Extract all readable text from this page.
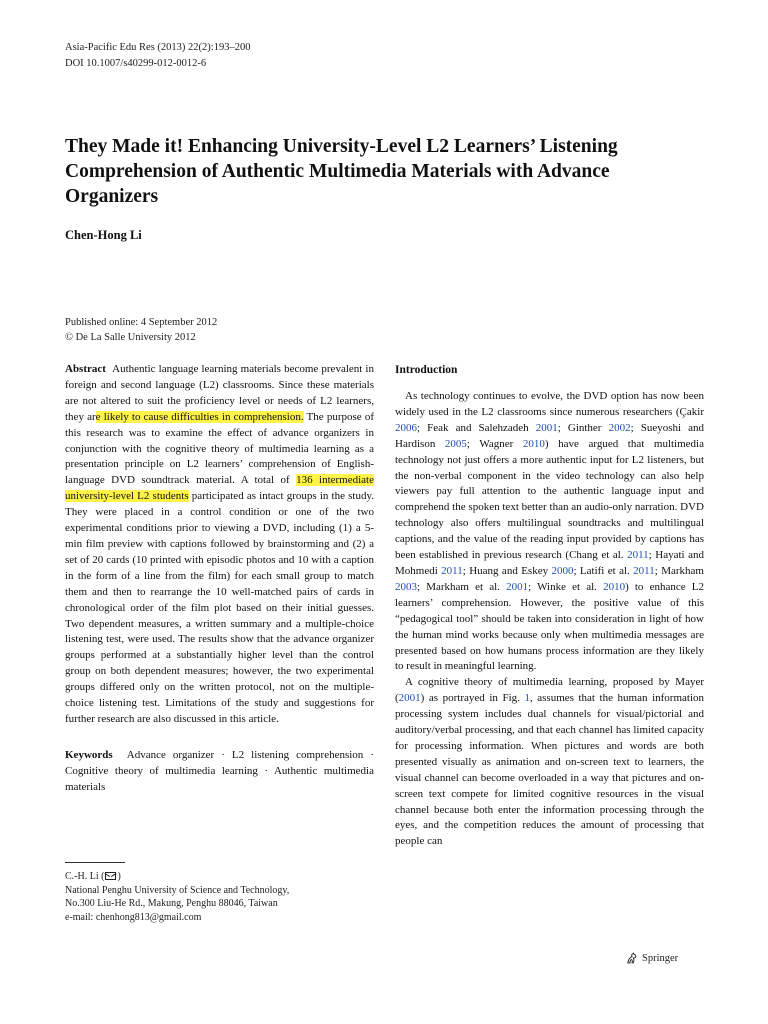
Asia-Pacific Edu Res (2013) 22(2):193–200
DOI 10.1007/s40299-012-0012-6
They Made it! Enhancing University-Level L2 Learners’ Listening Comprehension of Authentic Multimedia Materials with Advance Organizers
Chen-Hong Li
Published online: 4 September 2012
© De La Salle University 2012

Abstract Authentic language learning materials become prevalent in foreign and second language (L2) classrooms. Since these materials are not altered to suit the proficiency level or needs of L2 learners, they are likely to cause difficulties in comprehension. The purpose of this research was to examine the effect of advance organizers in conjunction with the cognitive theory of multimedia learning as a presentation principle on L2 learners’ comprehension of English-language DVD soundtrack material. A total of 136 intermediate university-level L2 students participated as intact groups in the study. They were placed in a control condition or one of the two experimental conditions prior to viewing a DVD, including (1) a 5-min film preview with captions followed by brainstorming and (2) a set of 20 cards (10 printed with episodic photos and 10 with a caption in the form of a line from the film) for each small group to match them and then to rearrange the 10 well-matched pairs of cards in chronological order of the film plot based on their initial guesses. Two dependent measures, a written summary and a multiple-choice listening test, were used. The results show that the advance organizer groups performed at a substantially higher level than the control group on both dependent measures; however, the two experimental groups differed only on the written protocol, not on the multiple-choice listening test. Limitations of the study and suggestions for further research are also discussed in this article.

Keywords Advance organizer · L2 listening comprehension · Cognitive theory of multimedia learning · Authentic multimedia materials

Introduction

As technology continues to evolve, the DVD option has now been widely used in the L2 classrooms since numerous researchers (Çakir 2006; Feak and Salehzadeh 2001; Ginther 2002; Sueyoshi and Hardison 2005; Wagner 2010) have argued that multimedia technology not just offers a more authentic input for L2 listeners, but the non-verbal component in the video technology can also help viewers pay full attention to the authentic language input and comprehend the spoken text better than an audio-only narration. DVD technology also offers multilingual soundtracks and multilingual captions, and the value of the reading input provided by captions has been established in previous research (Chang et al. 2011; Hayati and Mohmedi 2011; Huang and Eskey 2000; Latifi et al. 2011; Markham 2003; Markham et al. 2001; Winke et al. 2010) to enhance L2 learners’ comprehension. However, the positive value of this “pedagogical tool” should be taken into consideration in light of how the human mind works because only when multimedia messages are presented based on how humans process information are they likely to result in meaningful learning.

A cognitive theory of multimedia learning, proposed by Mayer (2001) as portrayed in Fig. 1, assumes that the human information processing system includes dual channels for visual/pictorial and auditory/verbal processing, and that each channel has limited capacity for processing information. When pictures and words are both presented visually as animation and on-screen text to learners, the visual channel can become overloaded in a way that pictures and on-screen text compete for limited cognitive resources in the visual channel because both enter the information processing through the eyes, and the competition reduces the amount of processing that people can

C.-H. Li ( )
National Penghu University of Science and Technology,
No.300 Liu-He Rd., Makung, Penghu 88046, Taiwan
e-mail: chenhong813@gmail.com
Springer
